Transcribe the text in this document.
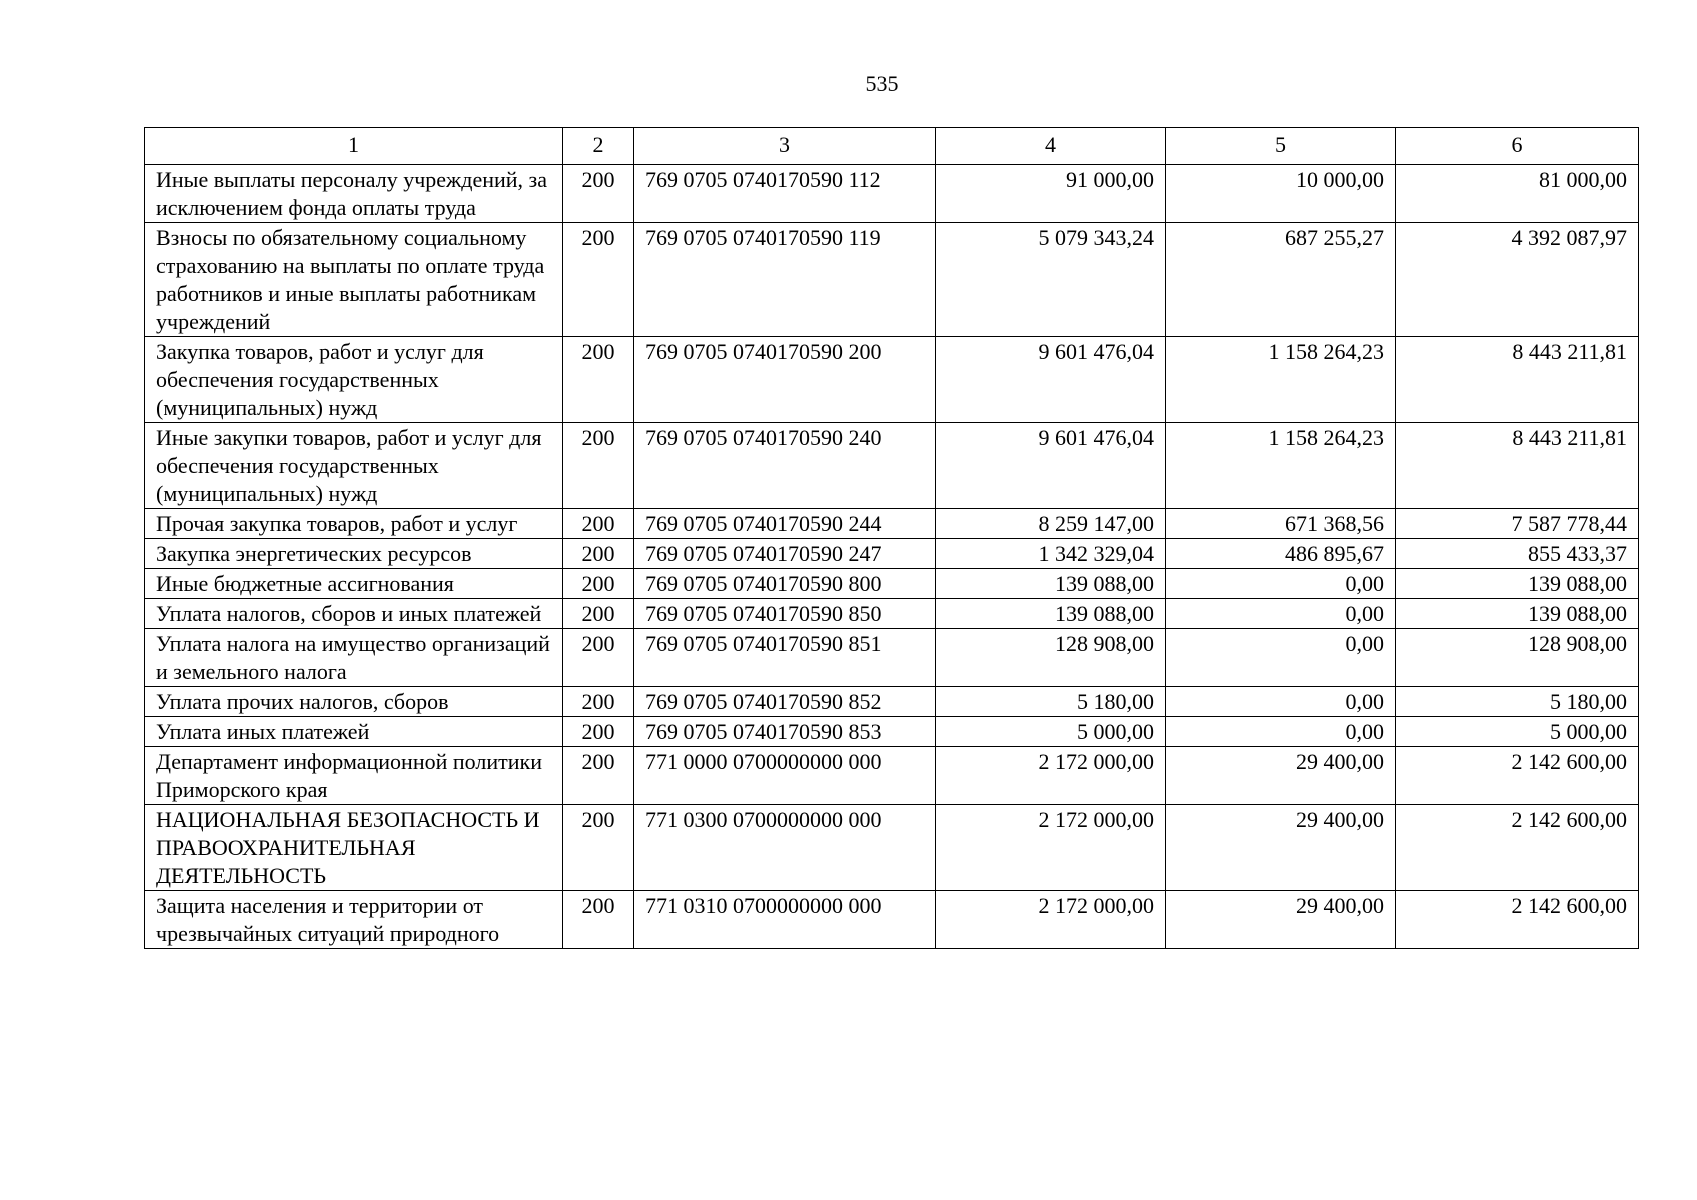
535
1	2	3	4	5	6
Иные выплаты персоналу учреждений, за исключением фонда оплаты труда	200	769 0705 0740170590 112	91 000,00	10 000,00	81 000,00
Взносы по обязательному социальному страхованию на выплаты по оплате труда работников и иные выплаты работникам учреждений	200	769 0705 0740170590 119	5 079 343,24	687 255,27	4 392 087,97
Закупка товаров, работ и услуг для обеспечения государственных (муниципальных) нужд	200	769 0705 0740170590 200	9 601 476,04	1 158 264,23	8 443 211,81
Иные закупки товаров, работ и услуг для обеспечения государственных (муниципальных) нужд	200	769 0705 0740170590 240	9 601 476,04	1 158 264,23	8 443 211,81
Прочая закупка товаров, работ и услуг	200	769 0705 0740170590 244	8 259 147,00	671 368,56	7 587 778,44
Закупка энергетических ресурсов	200	769 0705 0740170590 247	1 342 329,04	486 895,67	855 433,37
Иные бюджетные ассигнования	200	769 0705 0740170590 800	139 088,00	0,00	139 088,00
Уплата налогов, сборов и иных платежей	200	769 0705 0740170590 850	139 088,00	0,00	139 088,00
Уплата налога на имущество организаций и земельного налога	200	769 0705 0740170590 851	128 908,00	0,00	128 908,00
Уплата прочих налогов, сборов	200	769 0705 0740170590 852	5 180,00	0,00	5 180,00
Уплата иных платежей	200	769 0705 0740170590 853	5 000,00	0,00	5 000,00
Департамент информационной политики Приморского края	200	771 0000 0700000000 000	2 172 000,00	29 400,00	2 142 600,00
НАЦИОНАЛЬНАЯ БЕЗОПАСНОСТЬ И ПРАВООХРАНИТЕЛЬНАЯ ДЕЯТЕЛЬНОСТЬ	200	771 0300 0700000000 000	2 172 000,00	29 400,00	2 142 600,00
Защита населения и территории от чрезвычайных ситуаций природного	200	771 0310 0700000000 000	2 172 000,00	29 400,00	2 142 600,00
